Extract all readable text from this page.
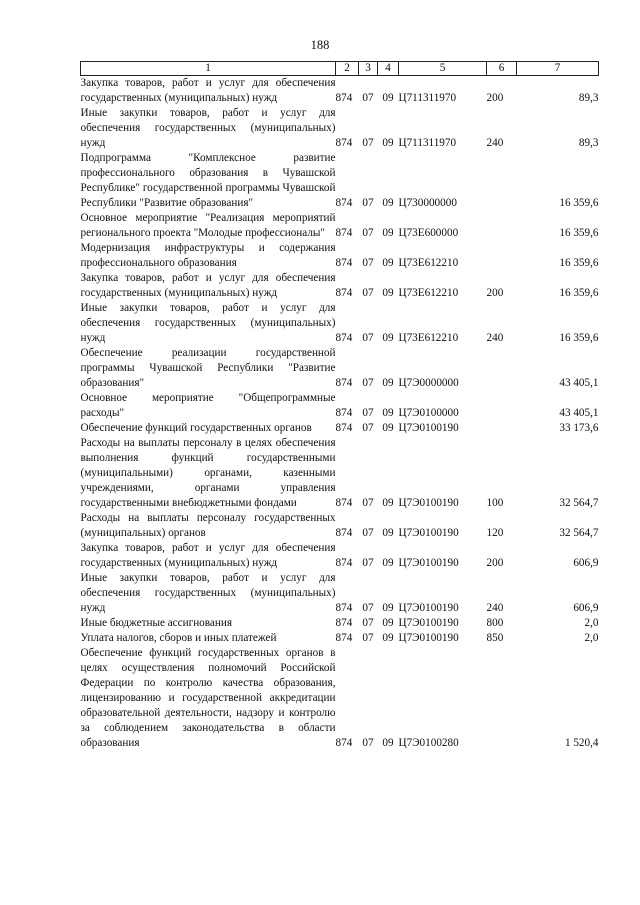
188
1	2	3	4	5	6	7
Закупка товаров, работ и услуг для обеспечения государственных (муниципальных) нужд	874	07	09	Ц711311970	200	89,3
Иные закупки товаров, работ и услуг для обеспечения государственных (муниципальных) нужд	874	07	09	Ц711311970	240	89,3
Подпрограмма "Комплексное развитие профессионального образования в Чувашской Республике" государственной программы Чувашской Республики "Развитие образования"	874	07	09	Ц730000000		16 359,6
Основное мероприятие "Реализация мероприятий регионального проекта "Молодые профессионалы"	874	07	09	Ц73Е600000		16 359,6
Модернизация инфраструктуры и содержания профессионального образования	874	07	09	Ц73Е612210		16 359,6
Закупка товаров, работ и услуг для обеспечения государственных (муниципальных) нужд	874	07	09	Ц73Е612210	200	16 359,6
Иные закупки товаров, работ и услуг для обеспечения государственных (муниципальных) нужд	874	07	09	Ц73Е612210	240	16 359,6
Обеспечение реализации государственной программы Чувашской Республики "Развитие образования"	874	07	09	Ц7Э0000000		43 405,1
Основное мероприятие "Общепрограммные расходы"	874	07	09	Ц7Э0100000		43 405,1
Обеспечение функций государственных органов	874	07	09	Ц7Э0100190		33 173,6
Расходы на выплаты персоналу в целях обеспечения выполнения функций государственными (муниципальными) органами, казенными учреждениями, органами управления государственными внебюджетными фондами	874	07	09	Ц7Э0100190	100	32 564,7
Расходы на выплаты персоналу государственных (муниципальных) органов	874	07	09	Ц7Э0100190	120	32 564,7
Закупка товаров, работ и услуг для обеспечения государственных (муниципальных) нужд	874	07	09	Ц7Э0100190	200	606,9
Иные закупки товаров, работ и услуг для обеспечения государственных (муниципальных) нужд	874	07	09	Ц7Э0100190	240	606,9
Иные бюджетные ассигнования	874	07	09	Ц7Э0100190	800	2,0
Уплата налогов, сборов и иных платежей	874	07	09	Ц7Э0100190	850	2,0
Обеспечение функций государственных органов в целях осуществления полномочий Российской Федерации по контролю качества образования, лицензированию и государственной аккредитации образовательной деятельности, надзору и контролю за соблюдением законодательства в области образования	874	07	09	Ц7Э0100280		1 520,4
